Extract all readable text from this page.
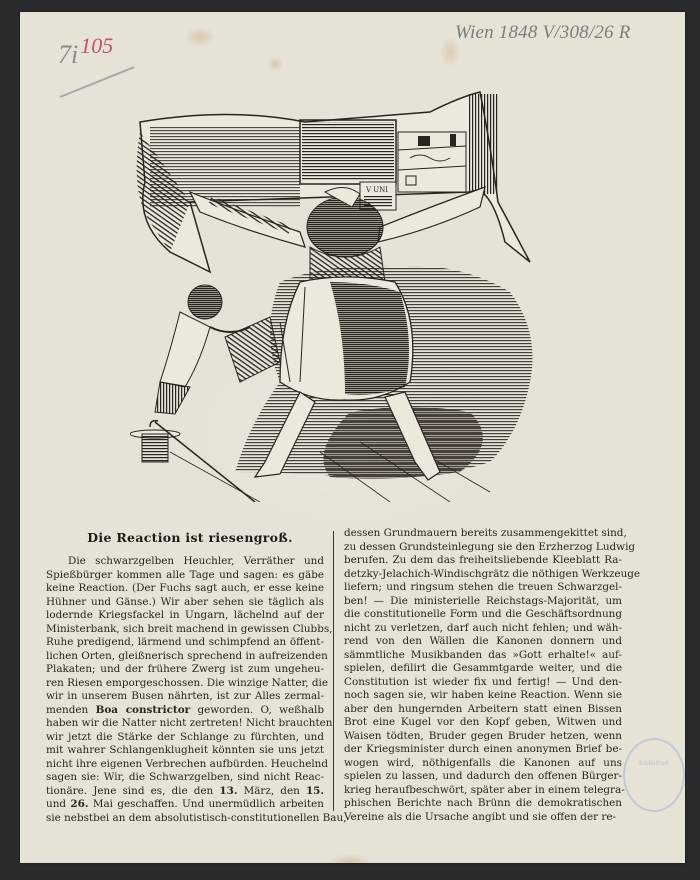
$7i^{105}$
Wien 1848 V/308/26 R
V UNI
Die Reaction ist riesengroß.
Die schwarzgelben Heuchler, Verräther und
Spießbürger kommen alle Tage und sagen: es gäbe
keine Reaction. (Der Fuchs sagt auch, er esse keine
Hühner und Gänse.) Wir aber sehen sie täglich als
lodernde Kriegsfackel in Ungarn, lächelnd auf der
Ministerbank, sich breit machend in gewissen Clubbs,
Ruhe predigend, lärmend und schimpfend an öffent-
lichen Orten, gleißnerisch sprechend in aufreizenden
Plakaten; und der frühere Zwerg ist zum ungeheu-
ren Riesen emporgeschossen. Die winzige Natter, die
wir in unserem Busen nährten, ist zur Alles zermal-
menden Boa constrictor geworden. O, weßhalb
haben wir die Natter nicht zertreten! Nicht brauchten
wir jetzt die Stärke der Schlange zu fürchten, und
mit wahrer Schlangenklugheit könnten sie uns jetzt
nicht ihre eigenen Verbrechen aufbürden. Heuchelnd
sagen sie: Wir, die Schwarzgelben, sind nicht Reac-
tionäre. Jene sind es, die den 13. März, den 15.
und 26. Mai geschaffen. Und unermüdlich arbeiten
sie nebstbei an dem absolutistisch-constitutionellen Bau,
dessen Grundmauern bereits zusammengekittet sind,
zu dessen Grundsteinlegung sie den Erzherzog Ludwig
berufen. Zu dem das freiheitsliebende Kleeblatt Ra-
detzky-Jelachich-Windischgrätz die nöthigen Werkzeuge
liefern; und ringsum stehen die treuen Schwarzgel-
ben! — Die ministerielle Reichstags-Majorität, um
die constitutionelle Form und die Geschäftsordnung
nicht zu verletzen, darf auch nicht fehlen; und wäh-
rend von den Wällen die Kanonen donnern und
sämmtliche Musikbanden das »Gott erhalte!« auf-
spielen, defilirt die Gesammtgarde weiter, und die
Constitution ist wieder fix und fertig! — Und den-
noch sagen sie, wir haben keine Reaction. Wenn sie
aber den hungernden Arbeitern statt einen Bissen
Brot eine Kugel vor den Kopf geben, Witwen und
Waisen tödten, Bruder gegen Bruder hetzen, wenn
der Kriegsminister durch einen anonymen Brief be-
wogen wird, nöthigenfalls die Kanonen auf uns
spielen zu lassen, und dadurch den offenen Bürger-
krieg heraufbeschwört, später aber in einem telegra-
phischen Berichte nach Brünn die demokratischen
Vereine als die Ursache angibt und sie offen der re-
Bibliothek
